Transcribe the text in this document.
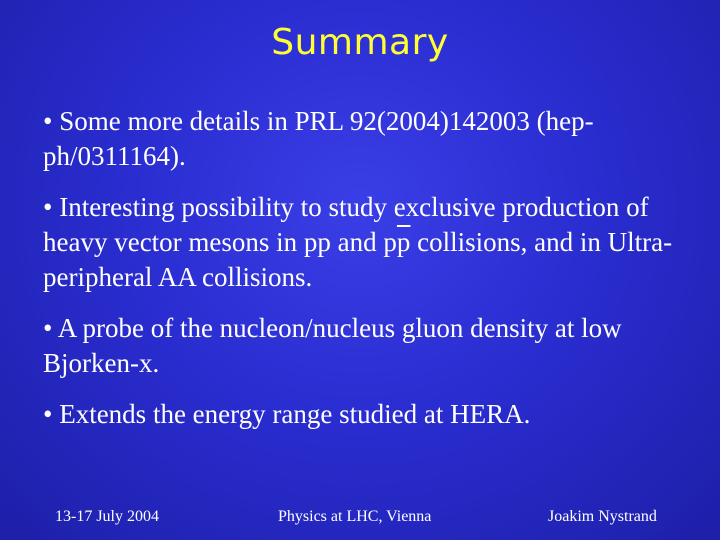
Summary

• Some more details in PRL 92(2004)142003 (hep-ph/0311164).

• Interesting possibility to study exclusive production of heavy vector mesons in pp and $p\overline{p}$ collisions, and in Ultra-peripheral AA collisions.

• A probe of the nucleon/nucleus gluon density at low Bjorken-x.

• Extends the energy range studied at HERA.

13-17 July 2004	Physics at LHC, Vienna	Joakim Nystrand
